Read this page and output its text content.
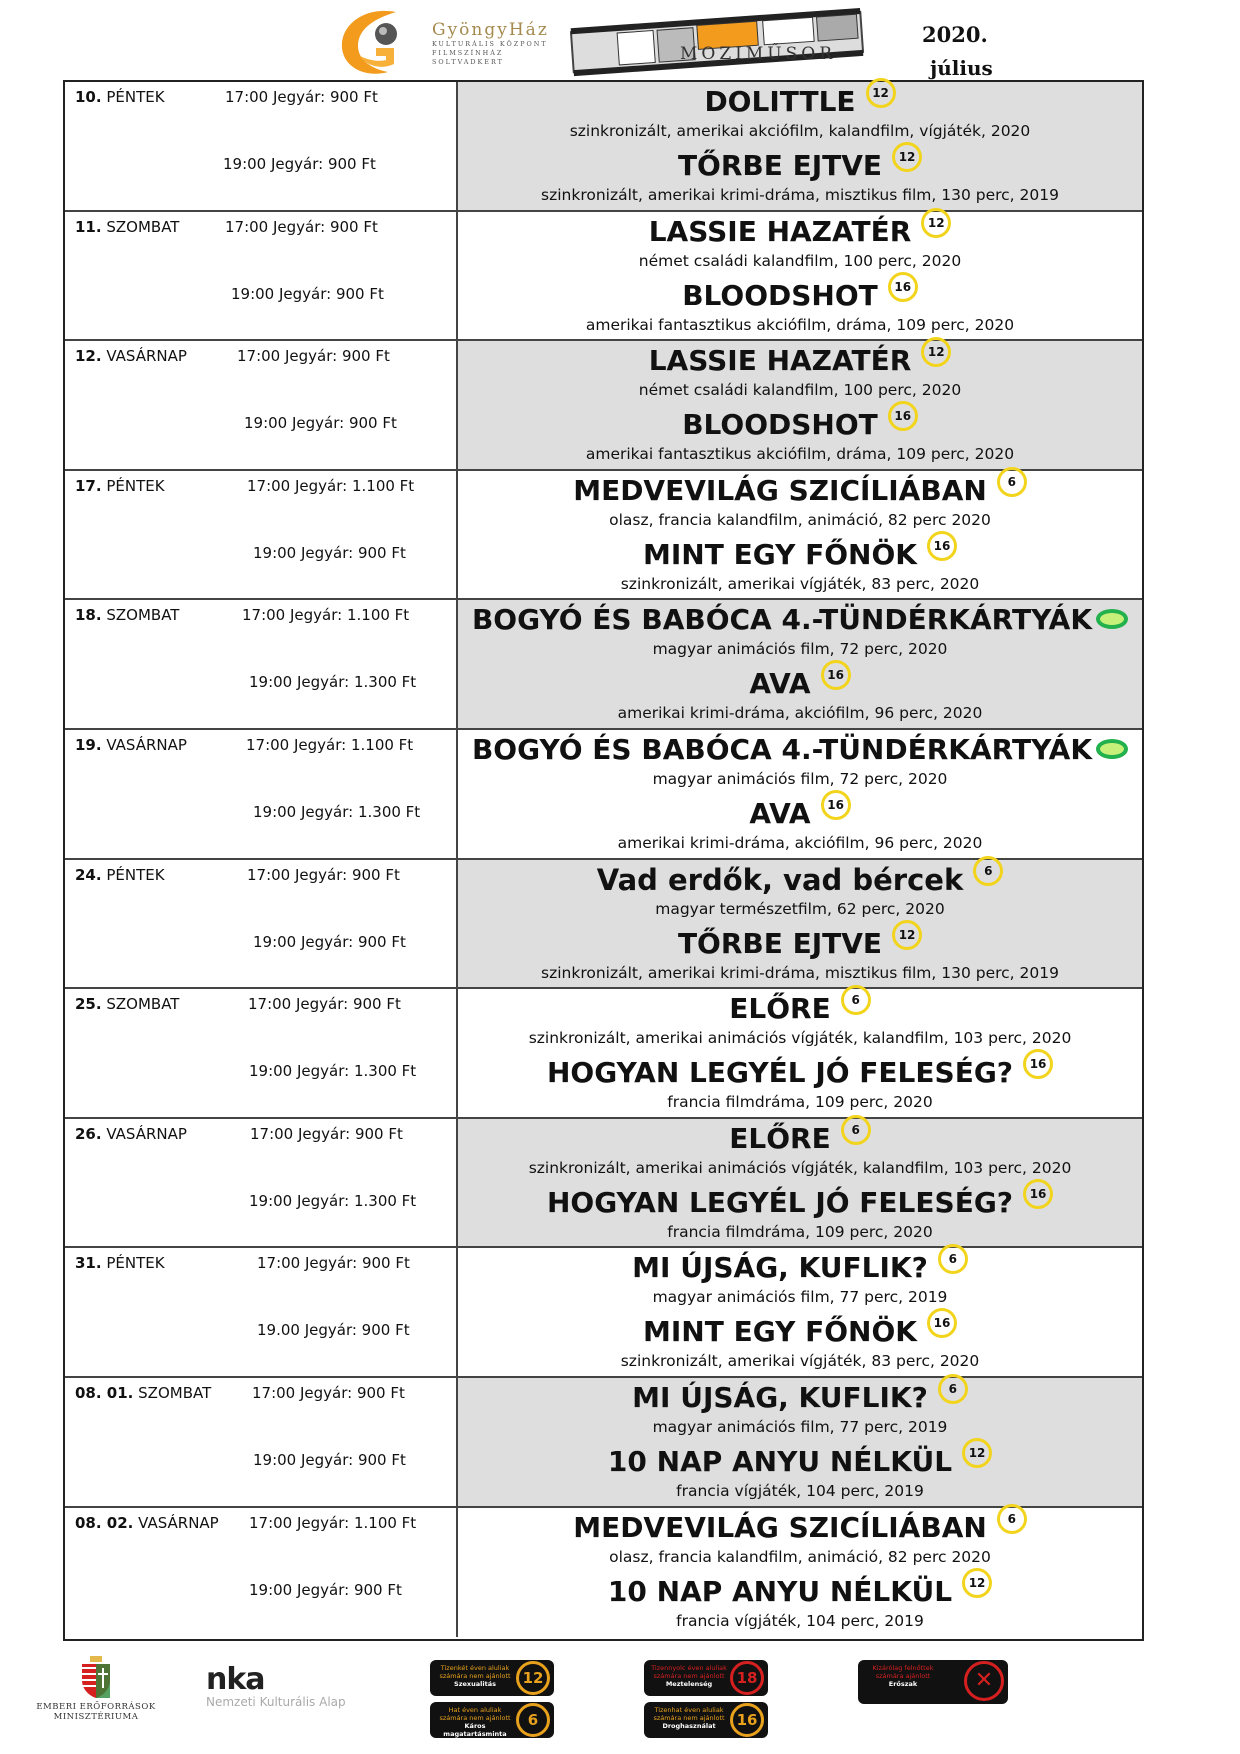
GyöngyHáz
KULTURÁLIS KÖZPONT
FILMSZÍNHÁZ
SOLTVADKERT	MOZIMŰSOR
2020.
július
10. PÉNTEK	17:00 Jegyár: 900 Ft
19:00 Jegyár: 900 Ft
DOLITTLE 12
szinkronizált, amerikai akciófilm, kalandfilm, vígjáték, 2020
TŐRBE EJTVE 12
szinkronizált, amerikai krimi-dráma, misztikus film, 130 perc, 2019
11. SZOMBAT	17:00 Jegyár: 900 Ft
19:00 Jegyár: 900 Ft
LASSIE HAZATÉR 12
német családi kalandfilm, 100 perc, 2020
BLOODSHOT 16
amerikai fantasztikus akciófilm, dráma, 109 perc, 2020
12. VASÁRNAP	17:00 Jegyár: 900 Ft
19:00 Jegyár: 900 Ft
LASSIE HAZATÉR 12
német családi kalandfilm, 100 perc, 2020
BLOODSHOT 16
amerikai fantasztikus akciófilm, dráma, 109 perc, 2020
17. PÉNTEK	17:00 Jegyár: 1.100 Ft
19:00 Jegyár: 900 Ft
MEDVEVILÁG SZICÍLIÁBAN 6
olasz, francia kalandfilm, animáció, 82 perc 2020
MINT EGY FŐNÖK 16
szinkronizált, amerikai vígjáték, 83 perc, 2020
18. SZOMBAT	17:00 Jegyár: 1.100 Ft
19:00 Jegyár: 1.300 Ft
BOGYÓ ÉS BABÓCA 4.-TÜNDÉRKÁRTYÁK
magyar animációs film, 72 perc, 2020
AVA 16
amerikai krimi-dráma, akciófilm, 96 perc, 2020
19. VASÁRNAP	17:00 Jegyár: 1.100 Ft
19:00 Jegyár: 1.300 Ft
BOGYÓ ÉS BABÓCA 4.-TÜNDÉRKÁRTYÁK
magyar animációs film, 72 perc, 2020
AVA 16
amerikai krimi-dráma, akciófilm, 96 perc, 2020
24. PÉNTEK	17:00 Jegyár: 900 Ft
19:00 Jegyár: 900 Ft
Vad erdők, vad bércek 6
magyar természetfilm, 62 perc, 2020
TŐRBE EJTVE 12
szinkronizált, amerikai krimi-dráma, misztikus film, 130 perc, 2019
25. SZOMBAT	17:00 Jegyár: 900 Ft
19:00 Jegyár: 1.300 Ft
ELŐRE 6
szinkronizált, amerikai animációs vígjáték, kalandfilm, 103 perc, 2020
HOGYAN LEGYÉL JÓ FELESÉG? 16
francia filmdráma, 109 perc, 2020
26. VASÁRNAP	17:00 Jegyár: 900 Ft
19:00 Jegyár: 1.300 Ft
ELŐRE 6
szinkronizált, amerikai animációs vígjáték, kalandfilm, 103 perc, 2020
HOGYAN LEGYÉL JÓ FELESÉG? 16
francia filmdráma, 109 perc, 2020
31. PÉNTEK	17:00 Jegyár: 900 Ft
19.00 Jegyár: 900 Ft
MI ÚJSÁG, KUFLIK? 6
magyar animációs film, 77 perc, 2019
MINT EGY FŐNÖK 16
szinkronizált, amerikai vígjáték, 83 perc, 2020
08. 01. SZOMBAT	17:00 Jegyár: 900 Ft
19:00 Jegyár: 900 Ft
MI ÚJSÁG, KUFLIK? 6
magyar animációs film, 77 perc, 2019
10 NAP ANYU NÉLKÜL 12
francia vígjáték, 104 perc, 2019
08. 02. VASÁRNAP 17:00 Jegyár: 1.100 Ft
19:00 Jegyár: 900 Ft
MEDVEVILÁG SZICÍLIÁBAN 6
olasz, francia kalandfilm, animáció, 82 perc 2020
10 NAP ANYU NÉLKÜL 12
francia vígjáték, 104 perc, 2019
EMBERI ERŐFORRÁSOK
MINISZTÉRIUMA
nka
Nemzeti Kulturális Alap
Tizenkét éven aluliak
számára nem ajánlott
Szexualitás	12
Hat éven aluliak
számára nem ajánlott
Káros magatartásminta
6
Tizennyolc éven aluliak
számára nem ajánlott
Meztelenség	18
Tizenhat éven aluliak
számára nem ajánlott
Droghasználat	16
Kizárólag felnőttek
számára ajánlott
Erőszak	✕
